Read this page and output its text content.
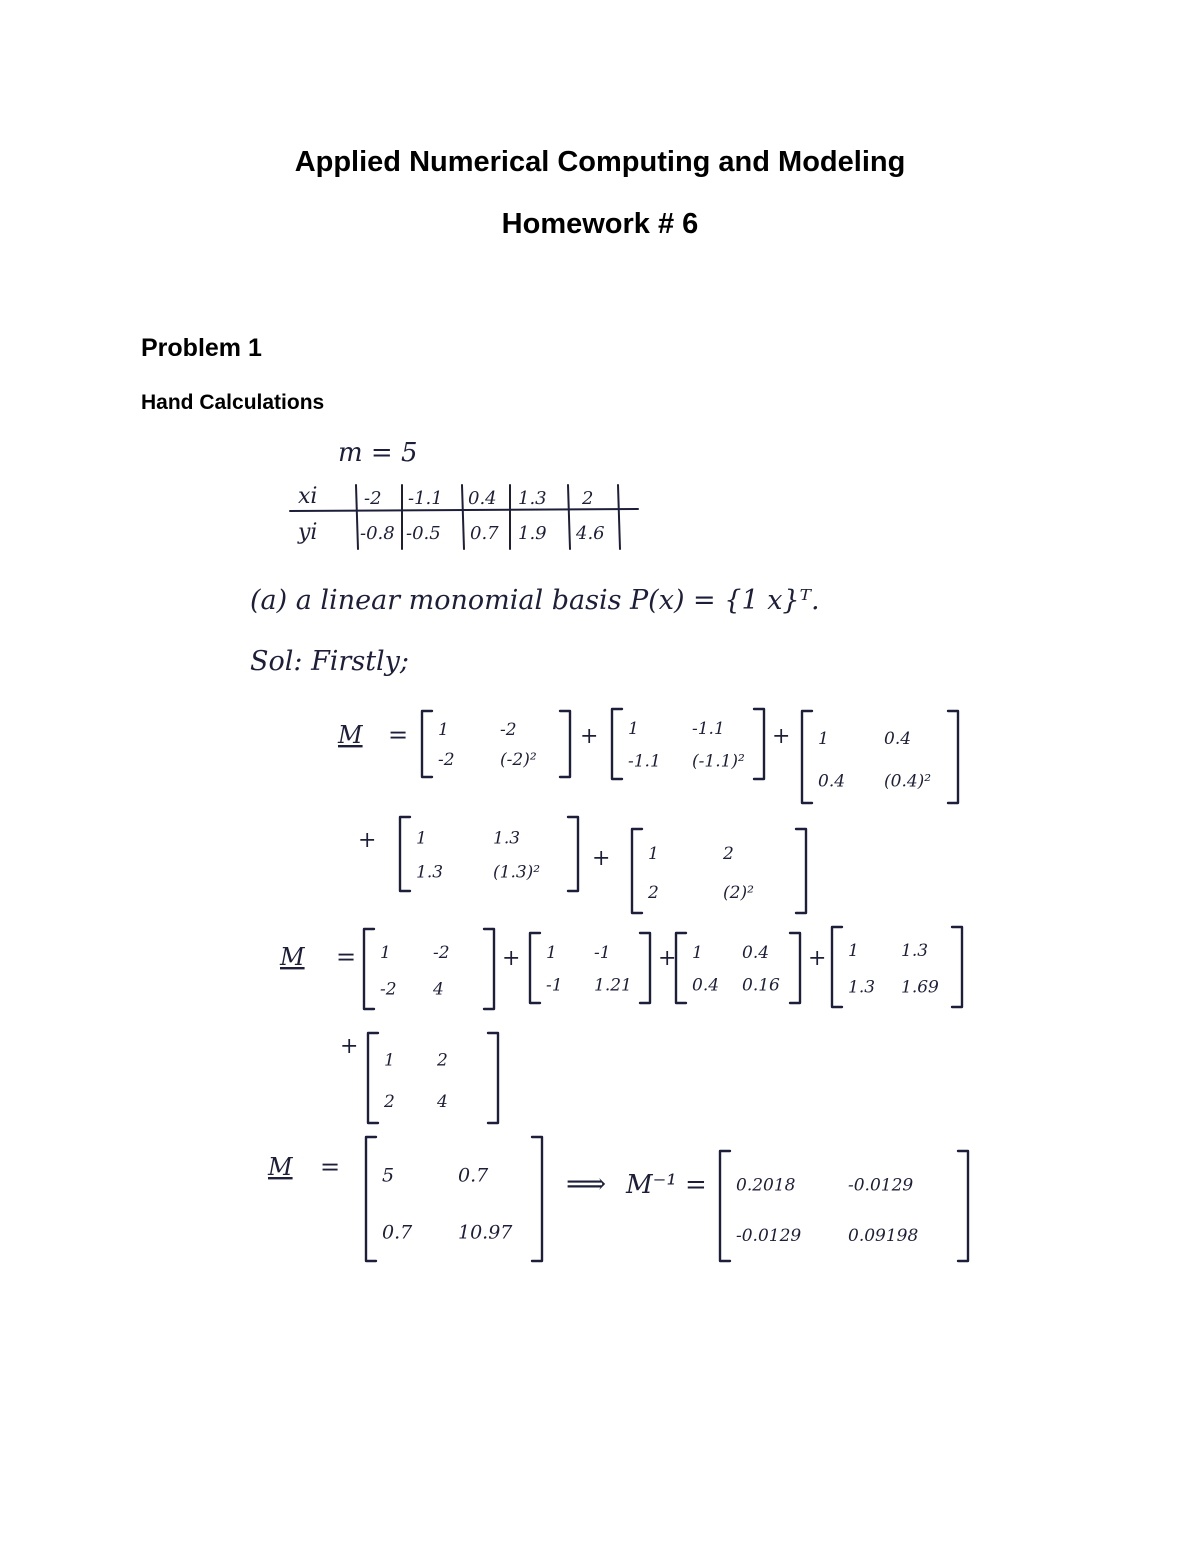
Applied Numerical Computing and Modeling
Homework # 6
Problem 1
Hand Calculations
m = 5
xi
yi
-2 -1.1 0.4 1.3 2
-0.8 -0.5 0.7 1.9 4.6
(a) a linear monomial basis P(x) = {1 x}ᵀ.
Sol: Firstly;
M = 1	-2
-2	(-2)²
+ 1	-1.1
-1.1 (-1.1)²
+ 1	0.4
0.4 (0.4)²
+ 1	1.3
1.3	(1.3)²
+ 1	2
2	(2)²
M = 1 -2
-2 4
+ 1 -1
-1 1.21
+ 1 0.4
0.4 0.16
+ 1 1.3
1.3 1.69
+
1 2
2 4
M = 5	0.7
0.7 10.97
⟹ M⁻¹ = 0.2018	-0.0129
-0.0129	0.09198
